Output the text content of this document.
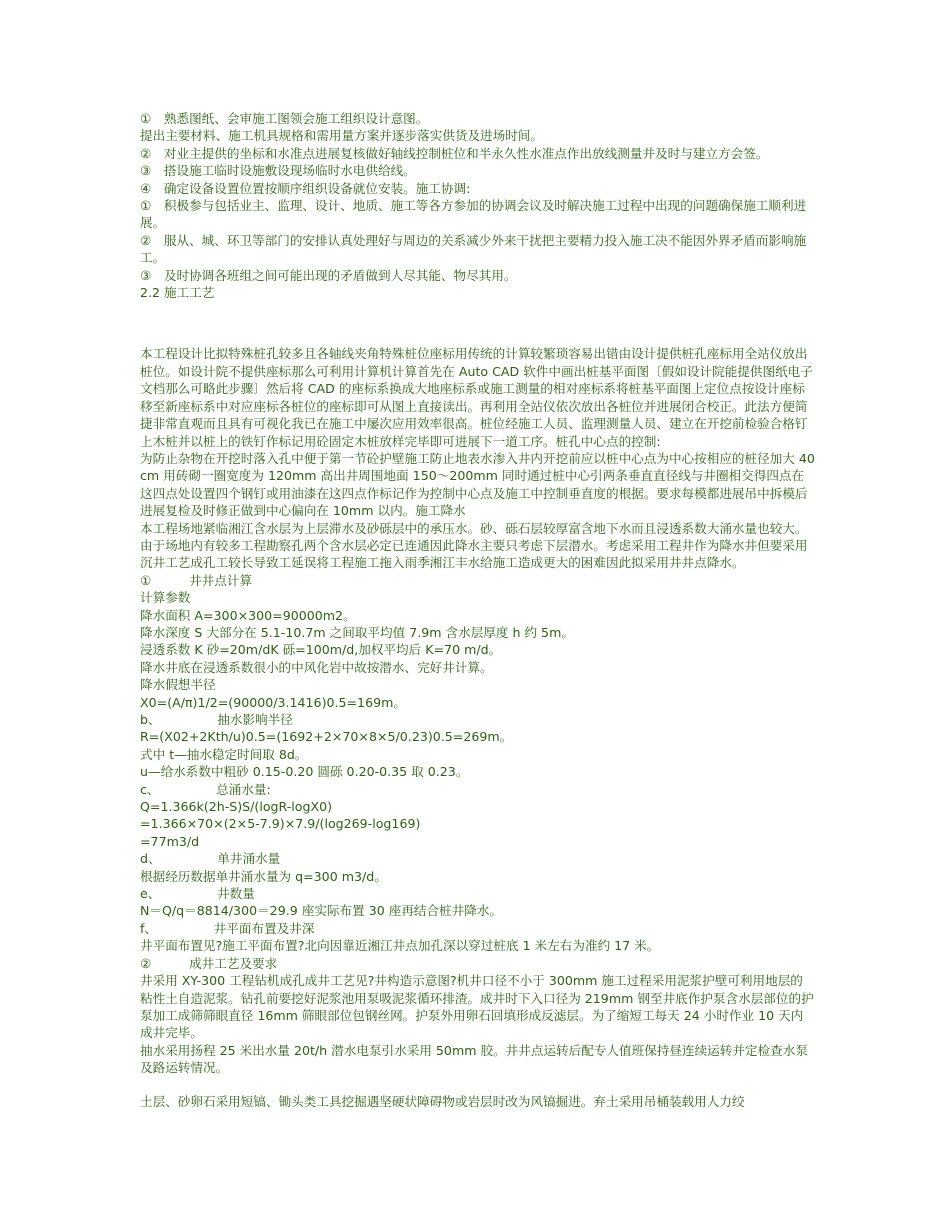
①　熟悉图纸、会审施工图领会施工组织设计意图。

提出主要材料、施工机具规格和需用量方案并逐步落实供货及进场时间。

②　对业主提供的坐标和水准点进展复核做好轴线控制桩位和半永久性水准点作出放线测量并及时与建立方会签。

③　搭设施工临时设施敷设现场临时水电供给线。

④　确定设备设置位置按顺序组织设备就位安装。施工协调:

①　积极参与包括业主、监理、设计、地质、施工等各方参加的协调会议及时解决施工过程中出现的问题确保施工顺利进展。

②　服从、城、环卫等部门的安排认真处理好与周边的关系减少外来干扰把主要精力投入施工决不能因外界矛盾而影响施工。

③　及时协调各班组之间可能出现的矛盾做到人尽其能、物尽其用。

2.2 施工工艺

本工程设计比拟特殊桩孔较多且各轴线夹角特殊桩位座标用传统的计算较繁琐容易出错由设计提供桩孔座标用全站仪放出桩位。如设计院不提供座标那么可利用计算机计算首先在 Auto CAD 软件中画出桩基平面图〔假如设计院能提供图纸电子文档那么可略此步骤〕然后将 CAD 的座标系换成大地座标系或施工测量的相对座标系将桩基平面图上定位点按设计座标移至新座标系中对应座标各桩位的座标即可从图上直接读出。再利用全站仪依次放出各桩位并进展闭合校正。此法方便简捷非常直观而且具有可视化我已在施工中屡次应用效率很高。桩位经施工人员、监理测量人员、建立在开挖前检验合格钉上木桩并以桩上的铁钉作标记用砼固定木桩放样完毕即可进展下一道工序。桩孔中心点的控制:

为防止杂物在开挖时落入孔中便于第一节砼护壁施工防止地表水渗入井内开挖前应以桩中心点为中心按相应的桩径加大 40cm 用砖砌一圈宽度为 120mm 高出井周围地面 150～200mm 同时通过桩中心引两条垂直直径线与井圈相交得四点在这四点处设置四个钢钉或用油漆在这四点作标记作为控制中心点及施工中控制垂直度的根据。要求每模都进展吊中拆模后进展复检及时修正做到中心偏向在 10mm 以内。施工降水

本工程场地紧临湘江含水层为上层滞水及砂砾层中的承压水。砂、砾石层较厚富含地下水而且浸透系数大涌水量也较大。由于场地内有较多工程勘察孔两个含水层必定已连通因此降水主要只考虑下层潜水。考虑采用工程井作为降水井但要采用沉井工艺成孔工较长导致工延误将工程施工拖入雨季湘江丰水给施工造成更大的困难因此拟采用井井点降水。

①　　　井井点计算

计算参数

降水面积 A=300×300=90000m2。

降水深度 S 大部分在 5.1-10.7m 之间取平均值 7.9m 含水层厚度 h 约 5m。

浸透系数 K 砂=20m/dK 砾=100m/d,加权平均后 K=70 m/d。

降水井底在浸透系数很小的中风化岩中故按潜水、完好井计算。

降水假想半径

X0=(A/π)1/2=(90000/3.1416)0.5=169m。

b、　　　　　抽水影响半径

R=(X02+2Kth/u)0.5=(1692+2×70×8×5/0.23)0.5=269m。

式中 t—抽水稳定时间取 8d。

u—给水系数中粗砂 0.15-0.20 圆砾 0.20-0.35 取 0.23。

c、　　　　　总涌水量:

Q=1.366k(2h-S)S/(logR-logX0)

=1.366×70×(2×5-7.9)×7.9/(log269-log169)

=77m3/d

d、　　　　　单井涌水量

根据经历数据单井涌水量为 q=300 m3/d。

e、　　　　　井数量

N＝Q/q＝8814/300＝29.9 座实际布置 30 座再结合桩井降水。

f、　　　　　井平面布置及井深

井平面布置见?施工平面布置?北向因靠近湘江井点加孔深以穿过桩底 1 米左右为准约 17 米。

②　　　成井工艺及要求

井采用 XY-300 工程钻机成孔成井工艺见?井构造示意图?机井口径不小于 300mm 施工过程采用泥浆护壁可利用地层的粘性土自造泥浆。钻孔前要挖好泥浆池用泵吸泥浆循环排渣。成井时下入口径为 219mm 钢至井底作护泵含水层部位的护泵加工成筛筛眼直径 16mm 筛眼部位包钢丝网。护泵外用卵石回填形成反滤层。为了缩短工每天 24 小时作业 10 天内成井完毕。

抽水采用扬程 25 米出水量 20t/h 潜水电泵引水采用 50mm 胶。井井点运转后配专人值班保持昼连续运转并定检查水泵及路运转情况。

土层、砂卵石采用短镐、锄头类工具挖掘遇坚硬状障碍物或岩层时改为风镐掘进。弃土采用吊桶装载用人力绞
